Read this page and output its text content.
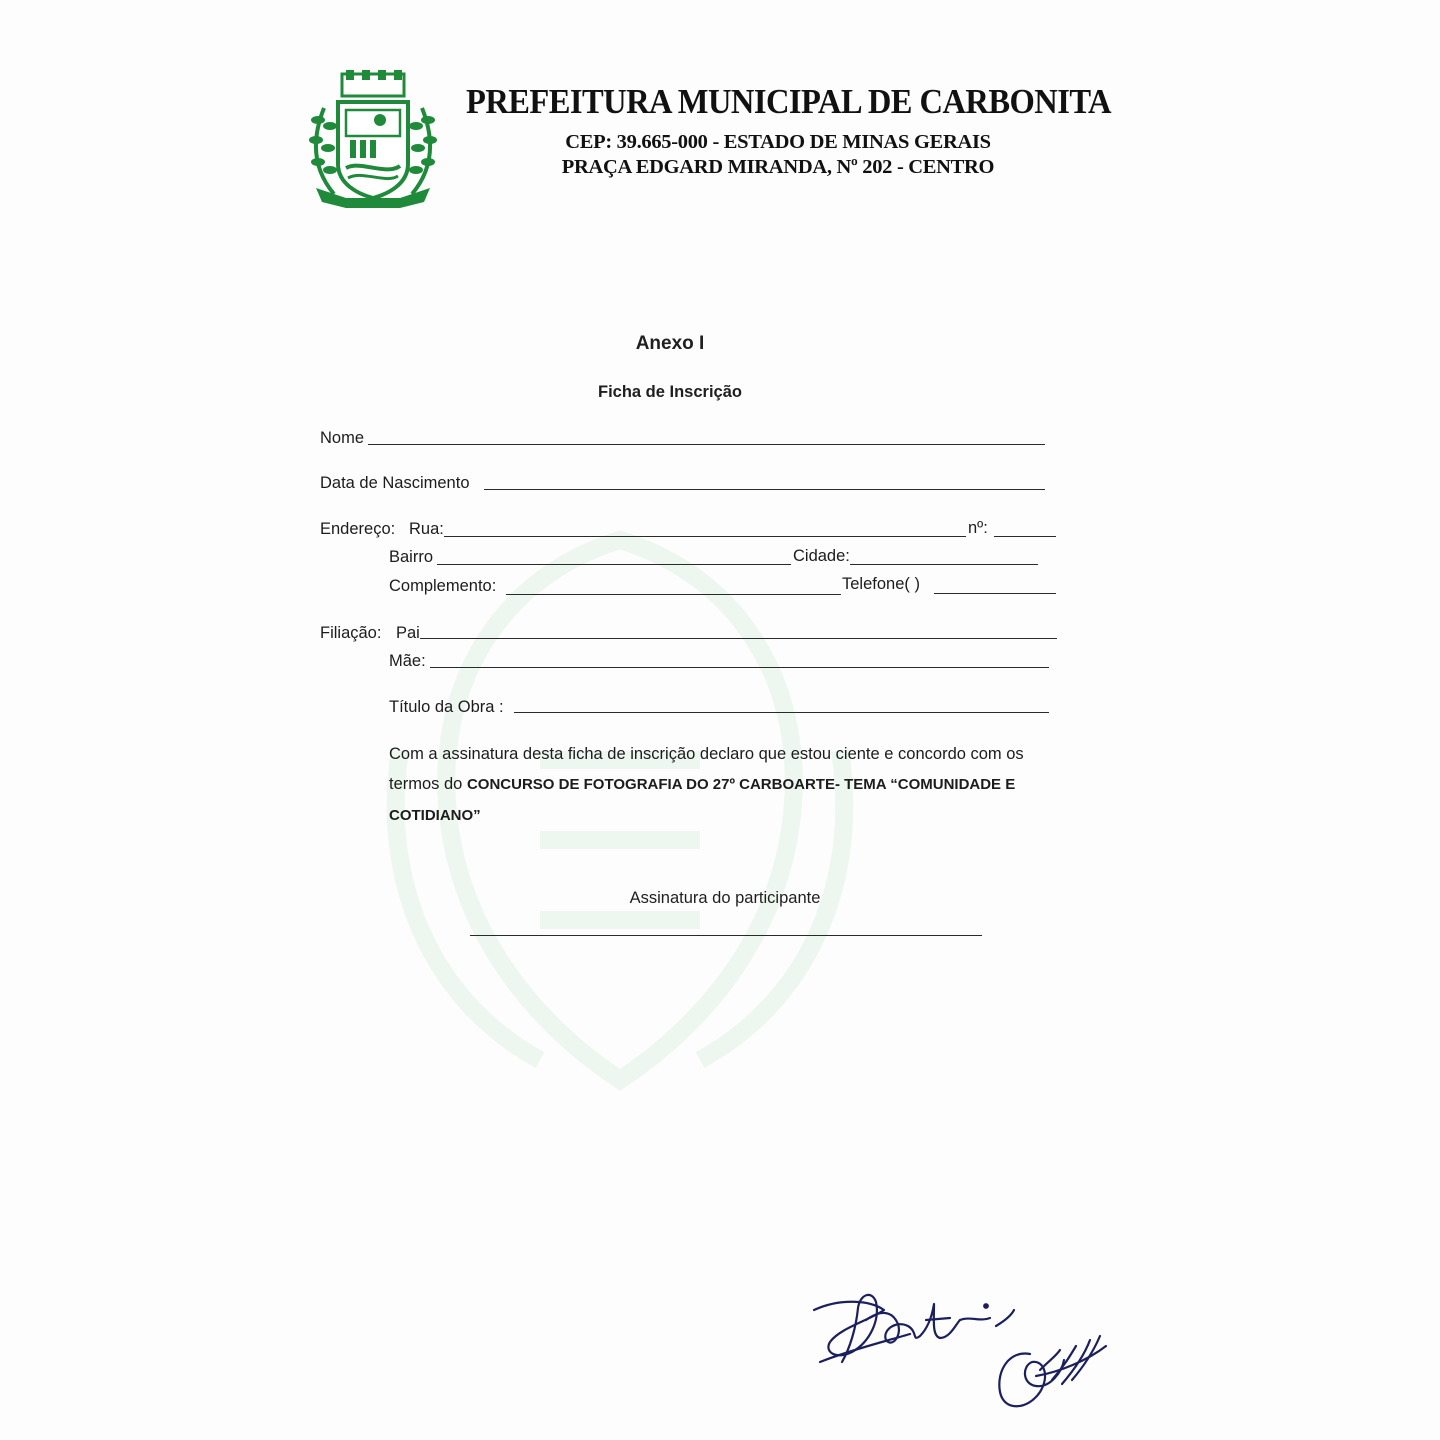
PREFEITURA MUNICIPAL DE CARBONITA
CEP: 39.665-000 - ESTADO DE MINAS GERAIS
PRAÇA EDGARD MIRANDA, Nº 202 - CENTRO
Anexo I
Ficha de Inscrição
Nome
Data de Nascimento
Endereço: Rua:	nº:
Bairro	Cidade:
Complemento:	Telefone( )
Filiação: Pai
Mãe:
Título da Obra :
Com a assinatura desta ficha de inscrição declaro que estou ciente e concordo com os termos do CONCURSO DE FOTOGRAFIA DO 27º CARBOARTE- TEMA “COMUNIDADE E COTIDIANO”
Assinatura do participante
